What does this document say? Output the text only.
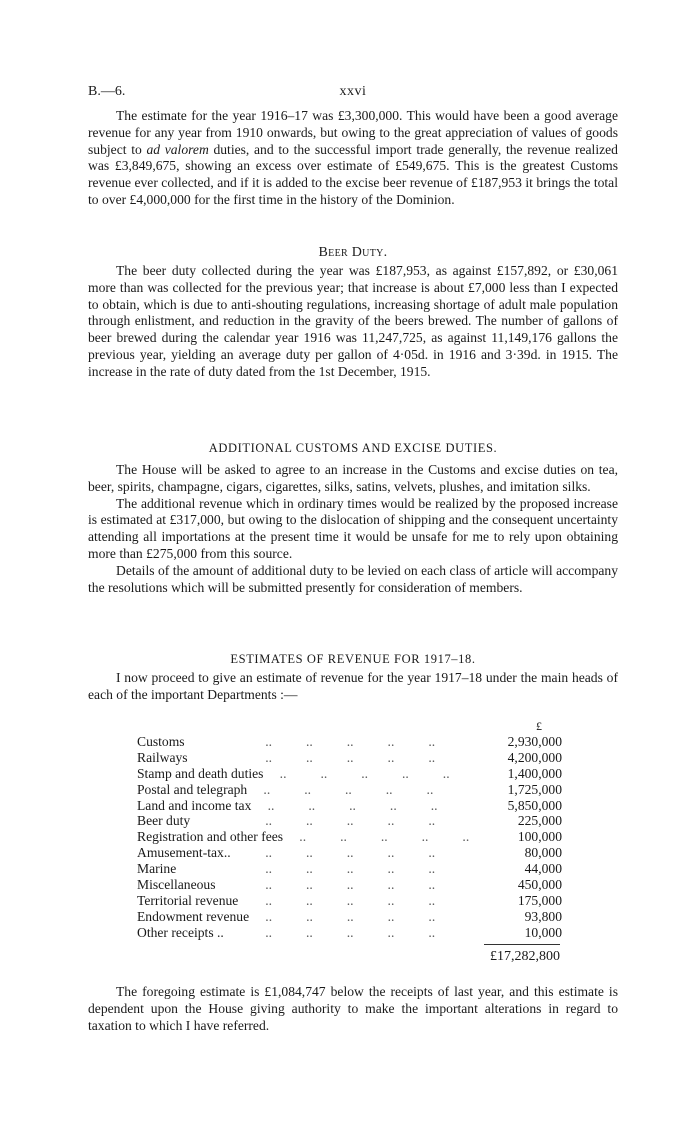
B.—6.	xxvi

The estimate for the year 1916–17 was £3,300,000. This would have been a good average revenue for any year from 1910 onwards, but owing to the great appreciation of values of goods subject to ad valorem duties, and to the successful import trade generally, the revenue realized was £3,849,675, showing an excess over estimate of £549,675. This is the greatest Customs revenue ever collected, and if it is added to the excise beer revenue of £187,953 it brings the total to over £4,000,000 for the first time in the history of the Dominion.

Beer Duty.

The beer duty collected during the year was £187,953, as against £157,892, or £30,061 more than was collected for the previous year; that increase is about £7,000 less than I expected to obtain, which is due to anti-shouting regulations, increasing shortage of adult male population through enlistment, and reduction in the gravity of the beers brewed. The number of gallons of beer brewed during the calendar year 1916 was 11,247,725, as against 11,149,176 gallons the previous year, yielding an average duty per gallon of 4·05d. in 1916 and 3·39d. in 1915. The increase in the rate of duty dated from the 1st December, 1915.

ADDITIONAL CUSTOMS AND EXCISE DUTIES.

The House will be asked to agree to an increase in the Customs and excise duties on tea, beer, spirits, champagne, cigars, cigarettes, silks, satins, velvets, plushes, and imitation silks.

The additional revenue which in ordinary times would be realized by the proposed increase is estimated at £317,000, but owing to the dislocation of shipping and the consequent uncertainty attending all importations at the present time it would be unsafe for me to rely upon obtaining more than £275,000 from this source.

Details of the amount of additional duty to be levied on each class of article will accompany the resolutions which will be submitted presently for consideration of members.

ESTIMATES OF REVENUE FOR 1917–18.

I now proceed to give an estimate of revenue for the year 1917–18 under the main heads of each of the important Departments :—

£
Customs	..          ..          ..          ..          ..	2,930,000
Railways	..          ..          ..          ..          ..	4,200,000
Stamp and death duties ..          ..          ..          ..          ..	1,400,000
Postal and telegraph ..          ..          ..          ..          ..	1,725,000
Land and income tax ..          ..          ..          ..          ..	5,850,000
Beer duty	..          ..          ..          ..          ..	225,000
Registration and other fees ..          ..          ..          ..          ..	100,000
Amusement-tax.. ..          ..          ..          ..          ..	80,000
Marine	..          ..          ..          ..          ..	44,000
Miscellaneous	..          ..          ..          ..          ..	450,000
Territorial revenue ..          ..          ..          ..          ..	175,000
Endowment revenue ..          ..          ..          ..          ..	93,800
Other receipts .. ..          ..          ..          ..          ..	10,000
£17,282,800

The foregoing estimate is £1,084,747 below the receipts of last year, and this estimate is dependent upon the House giving authority to make the important alterations in regard to taxation to which I have referred.
